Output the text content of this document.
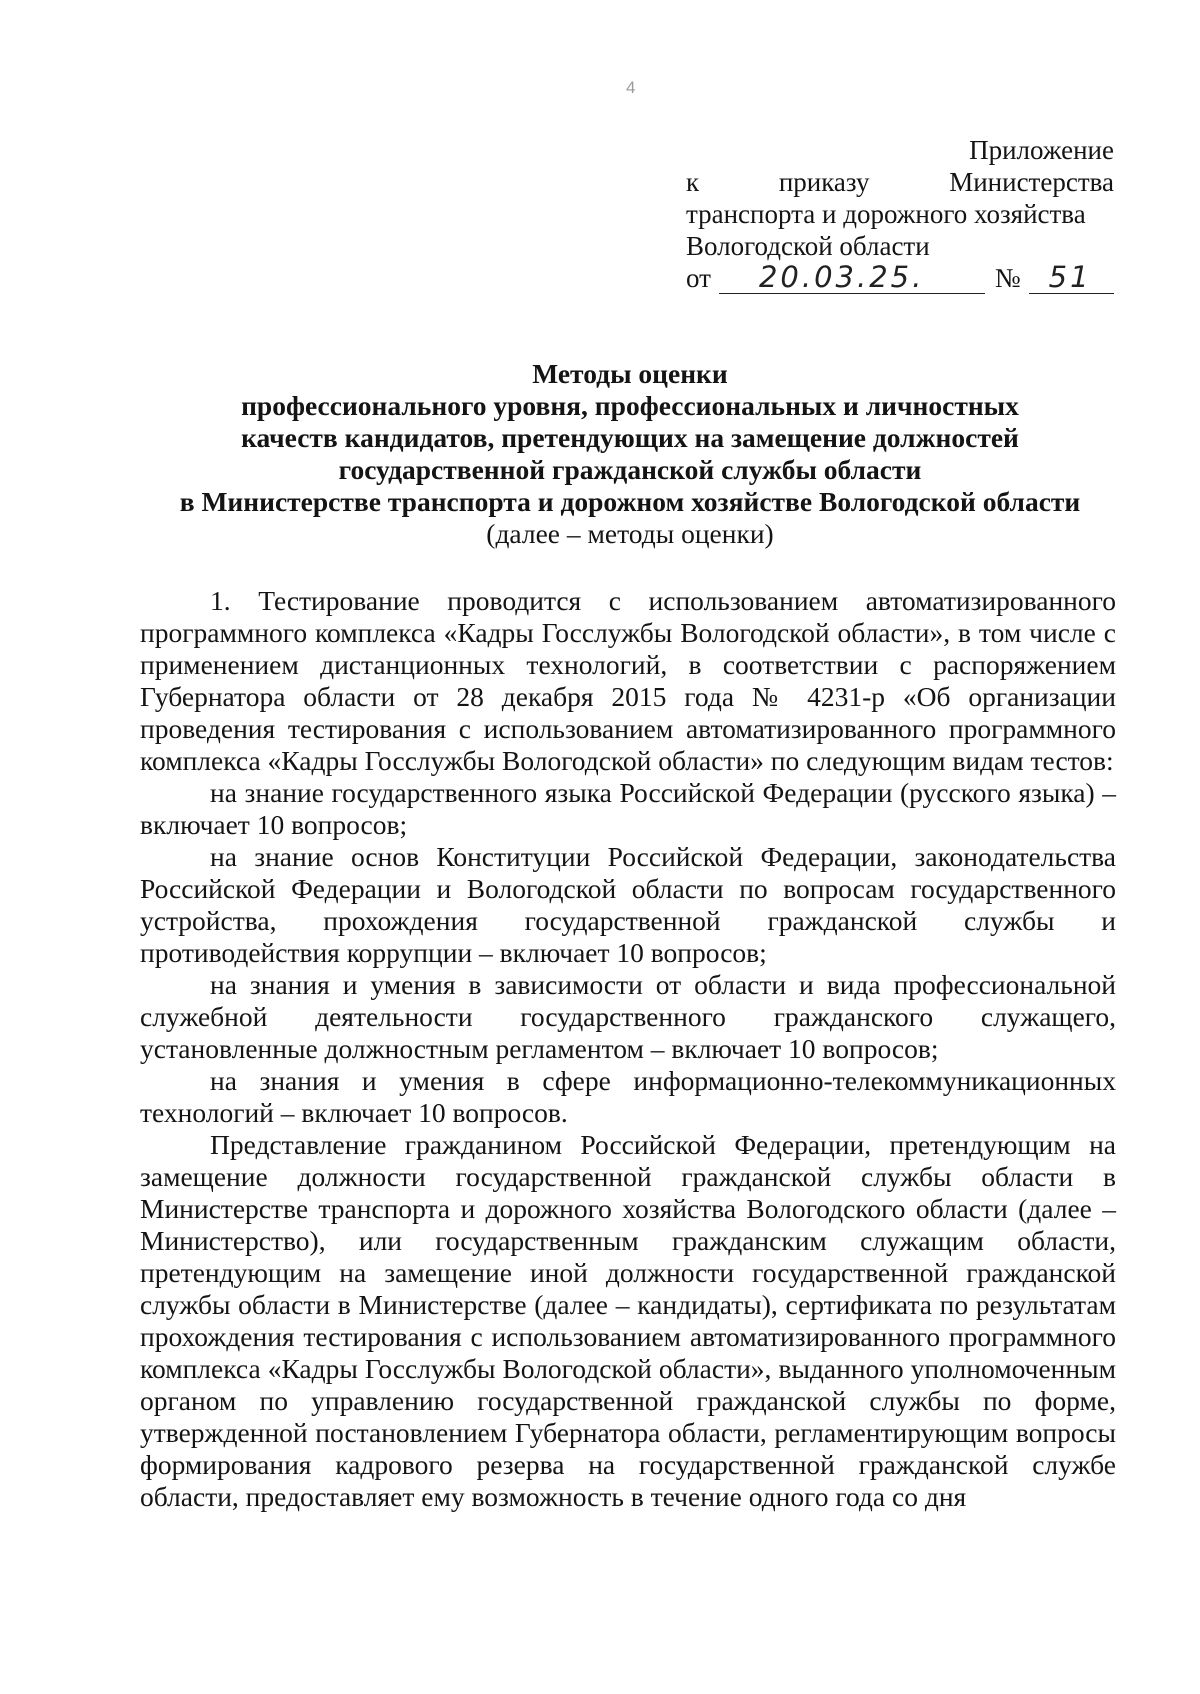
4
Приложение
к приказу Министерства
транспорта и дорожного хозяйства
Вологодской области
от 20.03.25.	№ 51
Методы оценки
профессионального уровня, профессиональных и личностных
качеств кандидатов, претендующих на замещение должностей
государственной гражданской службы области
в Министерстве транспорта и дорожном хозяйстве Вологодской области
(далее – методы оценки)

1. Тестирование проводится с использованием автоматизированного программного комплекса «Кадры Госслужбы Вологодской области», в том числе с применением дистанционных технологий, в соответствии с распоряжением Губернатора области от 28 декабря 2015 года № 4231-р «Об организации проведения тестирования с использованием автоматизированного программного комплекса «Кадры Госслужбы Вологодской области» по следующим видам тестов:

на знание государственного языка Российской Федерации (русского языка) – включает 10 вопросов;

на знание основ Конституции Российской Федерации, законодательства Российской Федерации и Вологодской области по вопросам государственного устройства, прохождения государственной гражданской службы и противодействия коррупции – включает 10 вопросов;

на знания и умения в зависимости от области и вида профессиональной служебной деятельности государственного гражданского служащего, установленные должностным регламентом – включает 10 вопросов;

на знания и умения в сфере информационно-телекоммуникационных технологий – включает 10 вопросов.

Представление гражданином Российской Федерации, претендующим на замещение должности государственной гражданской службы области в Министерстве транспорта и дорожного хозяйства Вологодского области (далее – Министерство), или государственным гражданским служащим области, претендующим на замещение иной должности государственной гражданской службы области в Министерстве (далее – кандидаты), сертификата по результатам прохождения тестирования с использованием автоматизированного программного комплекса «Кадры Госслужбы Вологодской области», выданного уполномоченным органом по управлению государственной гражданской службы по форме, утвержденной постановлением Губернатора области, регламентирующим вопросы формирования кадрового резерва на государственной гражданской службе области, предоставляет ему возможность в течение одного года со дня
